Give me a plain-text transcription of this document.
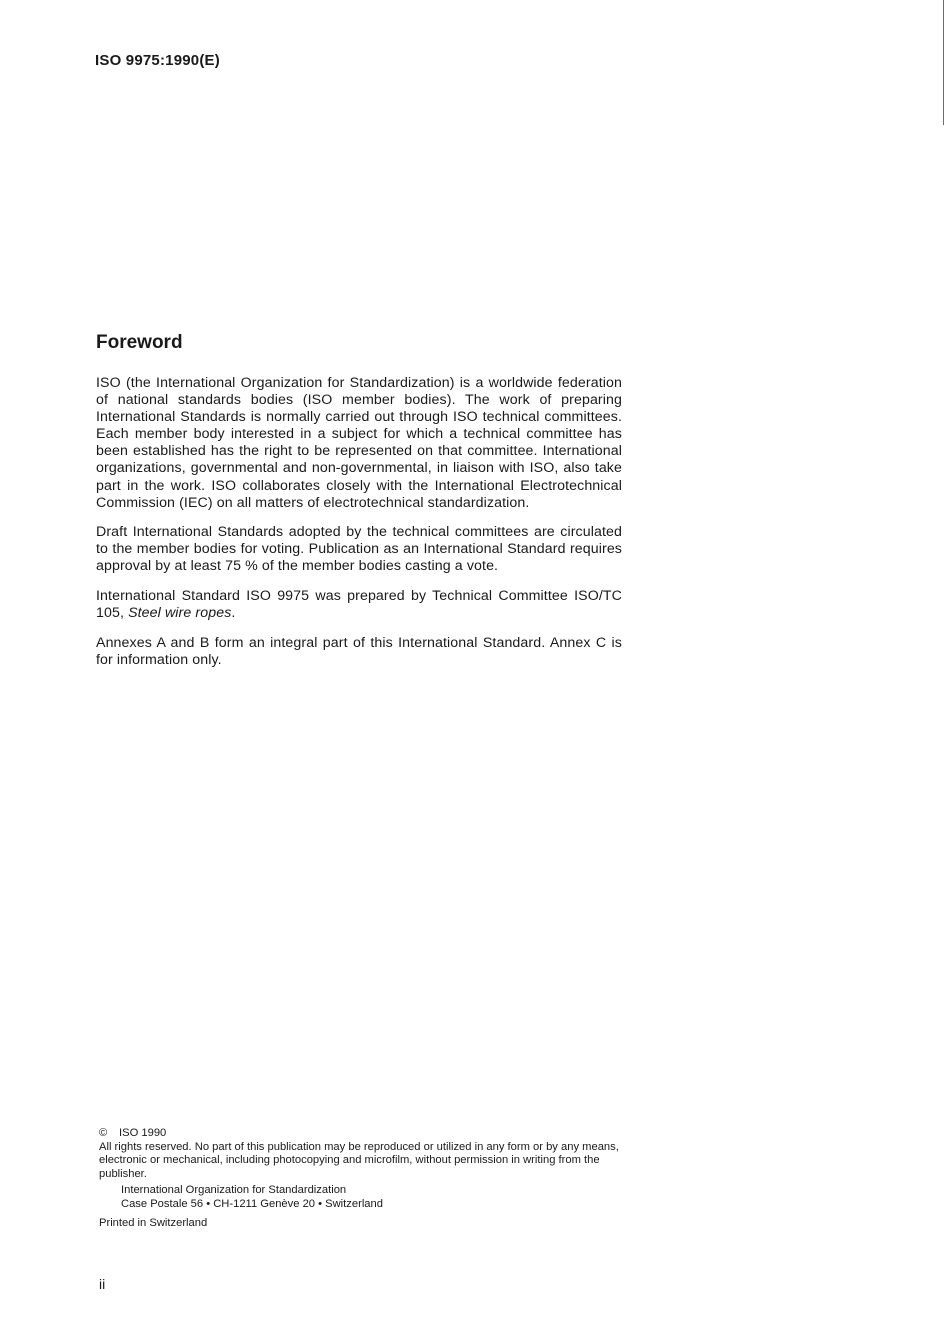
ISO 9975:1990(E)

Foreword

ISO (the International Organization for Standardization) is a worldwide federation of national standards bodies (ISO member bodies). The work of preparing International Standards is normally carried out through ISO technical committees. Each member body interested in a subject for which a technical committee has been established has the right to be represented on that committee. International organizations, governmental and non-governmental, in liaison with ISO, also take part in the work. ISO collaborates closely with the International Electrotechnical Commission (IEC) on all matters of electrotechnical standardization.

Draft International Standards adopted by the technical committees are circulated to the member bodies for voting. Publication as an International Standard requires approval by at least 75 % of the member bodies casting a vote.

International Standard ISO 9975 was prepared by Technical Committee ISO/TC 105, Steel wire ropes.

Annexes A and B form an integral part of this International Standard. Annex C is for information only.

© ISO 1990

All rights reserved. No part of this publication may be reproduced or utilized in any form or by any means, electronic or mechanical, including photocopying and microfilm, without permission in writing from the publisher.

International Organization for Standardization

Case Postale 56 • CH-1211 Genève 20 • Switzerland

Printed in Switzerland

ii
